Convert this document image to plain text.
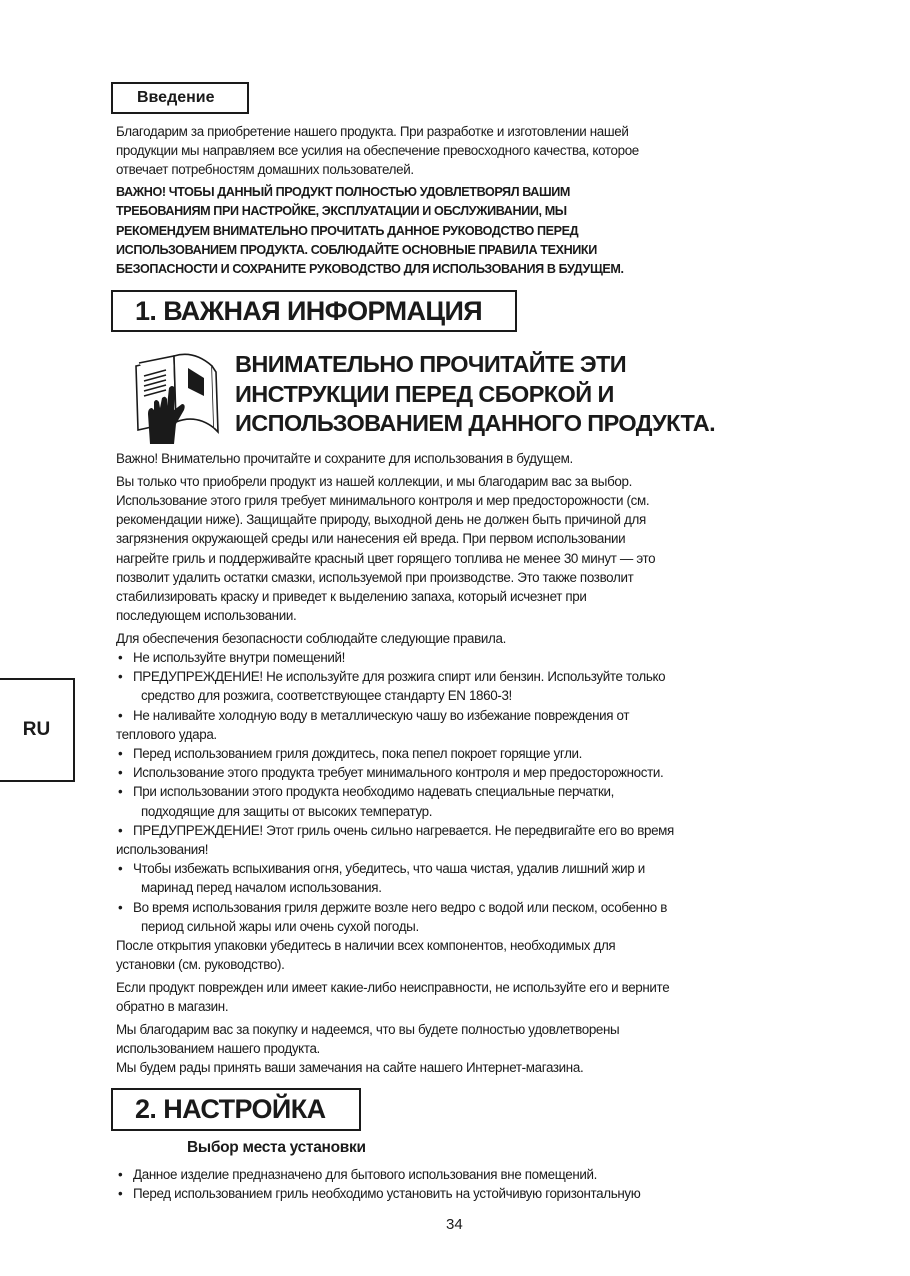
Введение
Благодарим за приобретение нашего продукта. При разработке и изготовлении нашей
продукции мы направляем все усилия на обеспечение превосходного качества, которое
отвечает потребностям домашних пользователей.
ВАЖНО! ЧТОБЫ ДАННЫЙ ПРОДУКТ ПОЛНОСТЬЮ УДОВЛЕТВОРЯЛ ВАШИМ
ТРЕБОВАНИЯМ ПРИ НАСТРОЙКЕ, ЭКСПЛУАТАЦИИ И ОБСЛУЖИВАНИИ, МЫ
РЕКОМЕНДУЕМ ВНИМАТЕЛЬНО ПРОЧИТАТЬ ДАННОЕ РУКОВОДСТВО ПЕРЕД
ИСПОЛЬЗОВАНИЕМ ПРОДУКТА. СОБЛЮДАЙТЕ ОСНОВНЫЕ ПРАВИЛА ТЕХНИКИ
БЕЗОПАСНОСТИ И СОХРАНИТЕ РУКОВОДСТВО ДЛЯ ИСПОЛЬЗОВАНИЯ В БУДУЩЕМ.
1. ВАЖНАЯ ИНФОРМАЦИЯ
ВНИМАТЕЛЬНО ПРОЧИТАЙТЕ ЭТИ
ИНСТРУКЦИИ ПЕРЕД СБОРКОЙ И
ИСПОЛЬЗОВАНИЕМ ДАННОГО ПРОДУКТА.
Важно! Внимательно прочитайте и сохраните для использования в будущем.
Вы только что приобрели продукт из нашей коллекции, и мы благодарим вас за выбор.
Использование этого гриля требует минимального контроля и мер предосторожности (см.
рекомендации ниже). Защищайте природу, выходной день не должен быть причиной для
загрязнения окружающей среды или нанесения ей вреда. При первом использовании
нагрейте гриль и поддерживайте красный цвет горящего топлива не менее 30 минут — это
позволит удалить остатки смазки, используемой при производстве. Это также позволит
стабилизировать краску и приведет к выделению запаха, который исчезнет при
последующем использовании.
Для обеспечения безопасности соблюдайте следующие правила.
• Не используйте внутри помещений!
• ПРЕДУПРЕЖДЕНИЕ! Не используйте для розжига спирт или бензин. Используйте только
средство для розжига, соответствующее стандарту EN 1860-3!
• Не наливайте холодную воду в металлическую чашу во избежание повреждения от
теплового удара.
• Перед использованием гриля дождитесь, пока пепел покроет горящие угли.
• Использование этого продукта требует минимального контроля и мер предосторожности.
• При использовании этого продукта необходимо надевать специальные перчатки,
подходящие для защиты от высоких температур.
• ПРЕДУПРЕЖДЕНИЕ! Этот гриль очень сильно нагревается. Не передвигайте его во время
использования!
• Чтобы избежать вспыхивания огня, убедитесь, что чаша чистая, удалив лишний жир и
маринад перед началом использования.
• Во время использования гриля держите возле него ведро с водой или песком, особенно в
период сильной жары или очень сухой погоды.
После открытия упаковки убедитесь в наличии всех компонентов, необходимых для
установки (см. руководство).
Если продукт поврежден или имеет какие-либо неисправности, не используйте его и верните
обратно в магазин.
Мы благодарим вас за покупку и надеемся, что вы будете полностью удовлетворены
использованием нашего продукта.
Мы будем рады принять ваши замечания на сайте нашего Интернет-магазина.
RU
2. НАСТРОЙКА
Выбор места установки
• Данное изделие предназначено для бытового использования вне помещений.
• Перед использованием гриль необходимо установить на устойчивую горизонтальную
34
